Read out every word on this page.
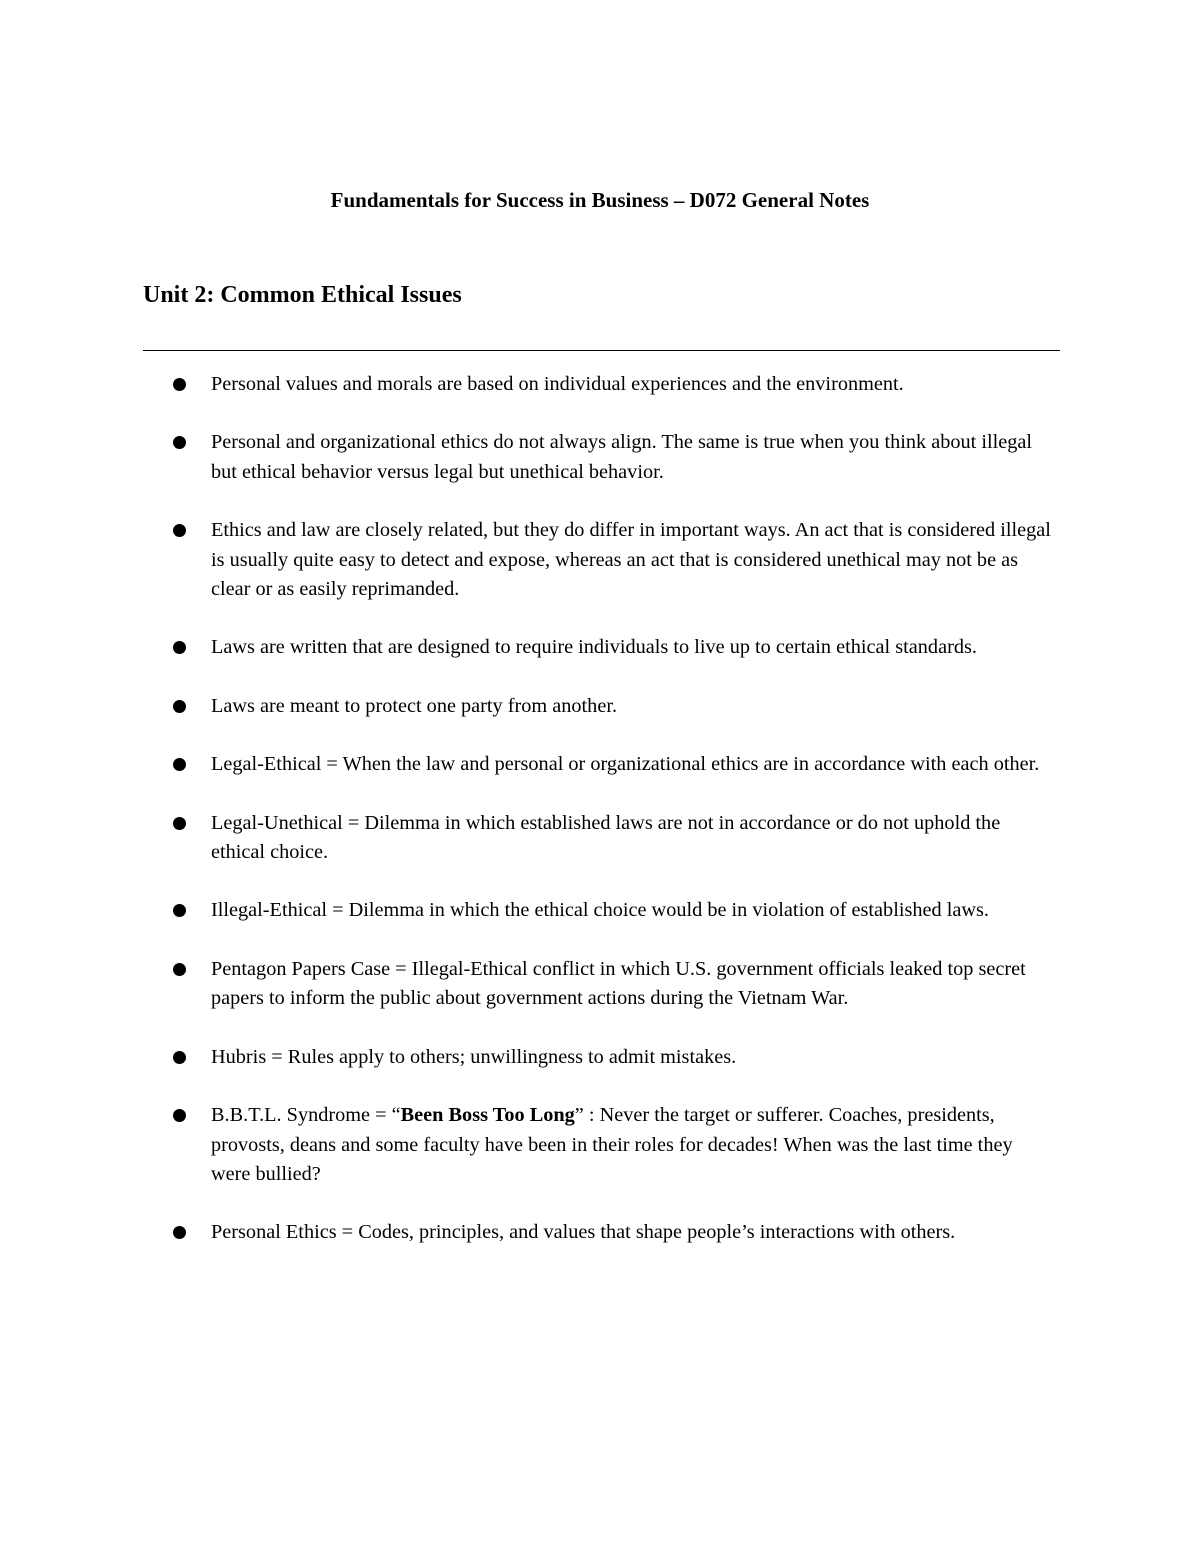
Fundamentals for Success in Business – D072 General Notes
Unit 2: Common Ethical Issues
Personal values and morals are based on individual experiences and the environment.
Personal and organizational ethics do not always align. The same is true when you think about illegal but ethical behavior versus legal but unethical behavior.
Ethics and law are closely related, but they do differ in important ways. An act that is considered illegal is usually quite easy to detect and expose, whereas an act that is considered unethical may not be as clear or as easily reprimanded.
Laws are written that are designed to require individuals to live up to certain ethical standards.
Laws are meant to protect one party from another.
Legal-Ethical = When the law and personal or organizational ethics are in accordance with each other.
Legal-Unethical = Dilemma in which established laws are not in accordance or do not uphold the ethical choice.
Illegal-Ethical = Dilemma in which the ethical choice would be in violation of established laws.
Pentagon Papers Case = Illegal-Ethical conflict in which U.S. government officials leaked top secret papers to inform the public about government actions during the Vietnam War.
Hubris = Rules apply to others; unwillingness to admit mistakes.
B.B.T.L. Syndrome = “Been Boss Too Long” : Never the target or sufferer. Coaches, presidents, provosts, deans and some faculty have been in their roles for decades! When was the last time they were bullied?
Personal Ethics = Codes, principles, and values that shape people’s interactions with others.
